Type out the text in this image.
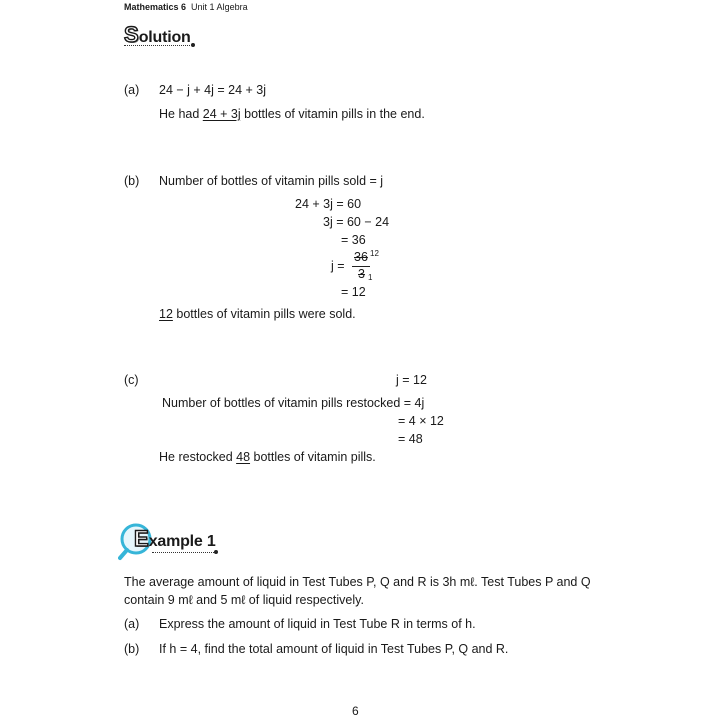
Mathematics 6 Unit 1 Algebra
Solution
(a) 24 − j + 4j = 24 + 3j
He had 24 + 3j bottles of vitamin pills in the end.
(b) Number of bottles of vitamin pills sold = j
24 + 3j = 60
3j = 60 − 24
= 36
j =
36 12
3 1
= 12
12 bottles of vitamin pills were sold.
(c)	j = 12
Number of bottles of vitamin pills restocked = 4j
= 4 × 12
= 48
He restocked 48 bottles of vitamin pills.
Example 1
The average amount of liquid in Test Tubes P, Q and R is 3h mℓ. Test Tubes P and Q
contain 9 mℓ and 5 mℓ of liquid respectively.
(a) Express the amount of liquid in Test Tube R in terms of h.
(b) If h = 4, find the total amount of liquid in Test Tubes P, Q and R.
6
